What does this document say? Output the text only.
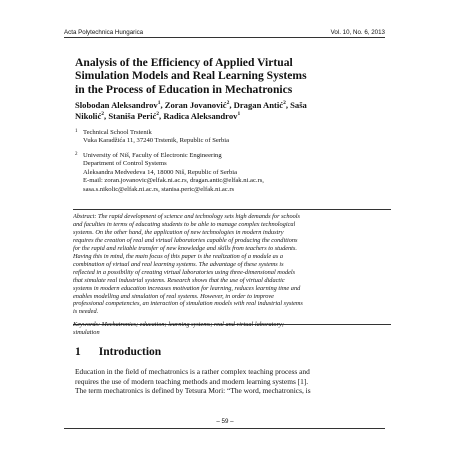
Acta Polytechnica Hungarica	Vol. 10, No. 6, 2013
Analysis of the Efficiency of Applied Virtual
Simulation Models and Real Learning Systems
in the Process of Education in Mechatronics
Slobodan Aleksandrov$^1$, Zoran Jovanović$^2$, Dragan Antić$^2$, Saša
Nikolić$^2$, Staniša Perić$^2$, Radica Aleksandrov$^1$
1 Technical School Trstenik
Vuka Karadžića 11, 37240 Trstenik, Republic of Serbia
2 University of Niš, Faculty of Electronic Engineering
Department of Control Systems
Aleksandra Medvedeva 14, 18000 Niš, Republic of Serbia
E-mail: zoran.jovanovic@elfak.ni.ac.rs, dragan.antic@elfak.ni.ac.rs,
sasa.s.nikolic@elfak.ni.ac.rs, stanisa.peric@elfak.ni.ac.rs
Abstract: The rapid development of science and technology sets high demands for schools
and faculties in terms of educating students to be able to manage complex technological
systems. On the other hand, the application of new technologies in modern industry
requires the creation of real and virtual laboratories capable of producing the conditions
for the rapid and reliable transfer of new knowledge and skills from teachers to students.
Having this in mind, the main focus of this paper is the realization of a module as a
combination of virtual and real learning systems. The advantage of these systems is
reflected in a possibility of creating virtual laboratories using three-dimensional models
that simulate real industrial systems. Research shows that the use of virtual didactic
systems in modern education increases motivation for learning, reduces learning time and
enables modelling and simulation of real systems. However, in order to improve
professional competencies, an interaction of simulation models with real industrial systems
is needed.
Keywords: Mechatronics; education; learning systems; real and virtual laboratory;
simulation
1 Introduction
Education in the field of mechatronics is a rather complex teaching process and
requires the use of modern teaching methods and modern learning systems [1].
The term mechatronics is defined by Tetsura Mori: “The word, mechatronics, is
– 59 –
